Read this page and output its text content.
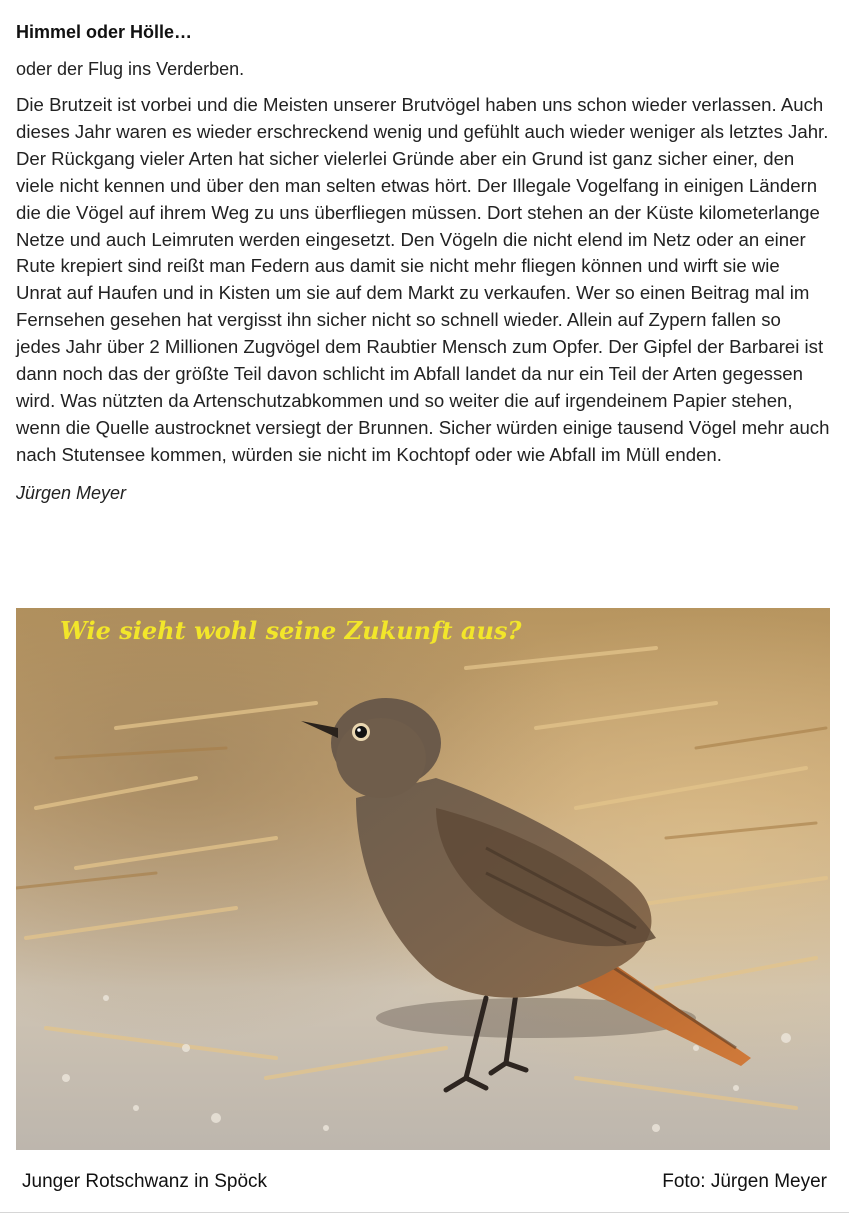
Himmel oder Hölle…

oder der Flug ins Verderben.

Die Brutzeit ist vorbei und die Meisten unserer Brutvögel haben uns schon wieder verlassen. Auch dieses Jahr waren es wieder erschreckend wenig und gefühlt auch wieder weniger als letztes Jahr. Der Rückgang vieler Arten hat sicher vielerlei Gründe aber ein Grund ist ganz sicher einer, den viele nicht kennen und über den man selten etwas hört. Der Illegale Vogelfang in einigen Ländern die die Vögel auf ihrem Weg zu uns überfliegen müssen. Dort stehen an der Küste kilometerlange Netze und auch Leimruten werden eingesetzt. Den Vögeln die nicht elend im Netz oder an einer Rute krepiert sind reißt man Federn aus damit sie nicht mehr fliegen können und wirft sie wie Unrat auf Haufen und in Kisten um sie auf dem Markt zu verkaufen. Wer so einen Beitrag mal im Fernsehen gesehen hat vergisst ihn sicher nicht so schnell wieder. Allein auf Zypern fallen so jedes Jahr über 2 Millionen Zugvögel dem Raubtier Mensch zum Opfer. Der Gipfel der Barbarei ist dann noch das der größte Teil davon schlicht im Abfall landet da nur ein Teil der Arten gegessen wird. Was nützten da Artenschutzabkommen und so weiter die auf irgendeinem Papier stehen, wenn die Quelle austrocknet versiegt der Brunnen. Sicher würden einige tausend Vögel mehr auch nach Stutensee kommen, würden sie nicht im Kochtopf oder wie Abfall im Müll enden.

Jürgen Meyer

Wie sieht wohl seine Zukunft aus?
Junger Rotschwanz in Spöck	Foto: Jürgen Meyer
